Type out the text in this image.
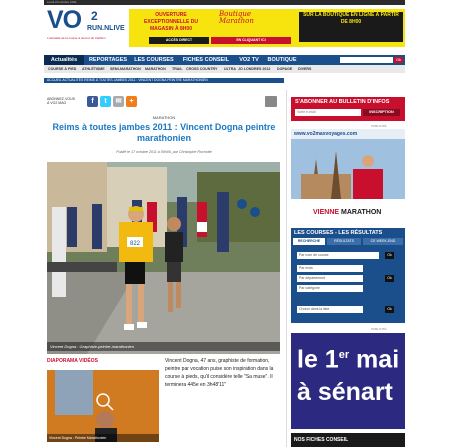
Lundi 24 octobre 2011
VO 2
RUN.NLIVE
L'actualité de la course à pied et du triathlon
OUVERTURE EXCEPTIONNELLE DU MAGASIN À 8H00
ACCÈS DIRECT	EN CLIQUANT ICI
Boutique Marathon
SUR LA BOUTIQUE EN LIGNE À PARTIR DE 8H00
Actualités	REPORTAGES	LES COURSES	FICHES CONSEIL	VO2 TV	BOUTIQUE	Ok
COURSE À PIED ATHLÉTISME SEMI-MARATHON MARATHON TRAIL CROSS COUNTRY ULTRA JO LONDRES 2012 DOPAGE DIVERS
ACCUEIL ACTUALITÉS REIMS À TOUTES JAMBES 2011 : VINCENT DOGNA PEINTRE MARATHONIEN
ABONNEZ-VOUS À VO2 MAG	f	t	✉	+
MARATHON
Reims à toutes jambes 2011 : Vincent Dogna peintre marathonien
Publié le 17 octobre 2011 à 09h06, par Christophe Rochotte
822
Vincent Dogna : Graphiste-peintre-marathonien
DIAPORAMA VIDÉOS
Vincent Dogna : Peintre Marathonien
Vincent Dogna, 47 ans, graphiste de formation, peintre par vocation puise son inspiration dans la course à pieds, qu'il considère telle "Sa muse". Il terminera 445e en 3h48'11''
S'ABONNER AU BULLETIN D'INFOS
Votre e-mail	INSCRIPTION
PUBLICITÉ
www.vo2maxvoyages.com
VIENNE MARATHON
LES COURSES - LES RÉSULTATS
RECHERCHE	RÉSULTATS	CE WEEK-END
Par nom de course	Ok
Par mois
Par département
Par catégorie
Ok
Choisir dans la liste	Ok
PUBLICITÉ
le 1er mai
à sénart
NOS FICHES CONSEIL
